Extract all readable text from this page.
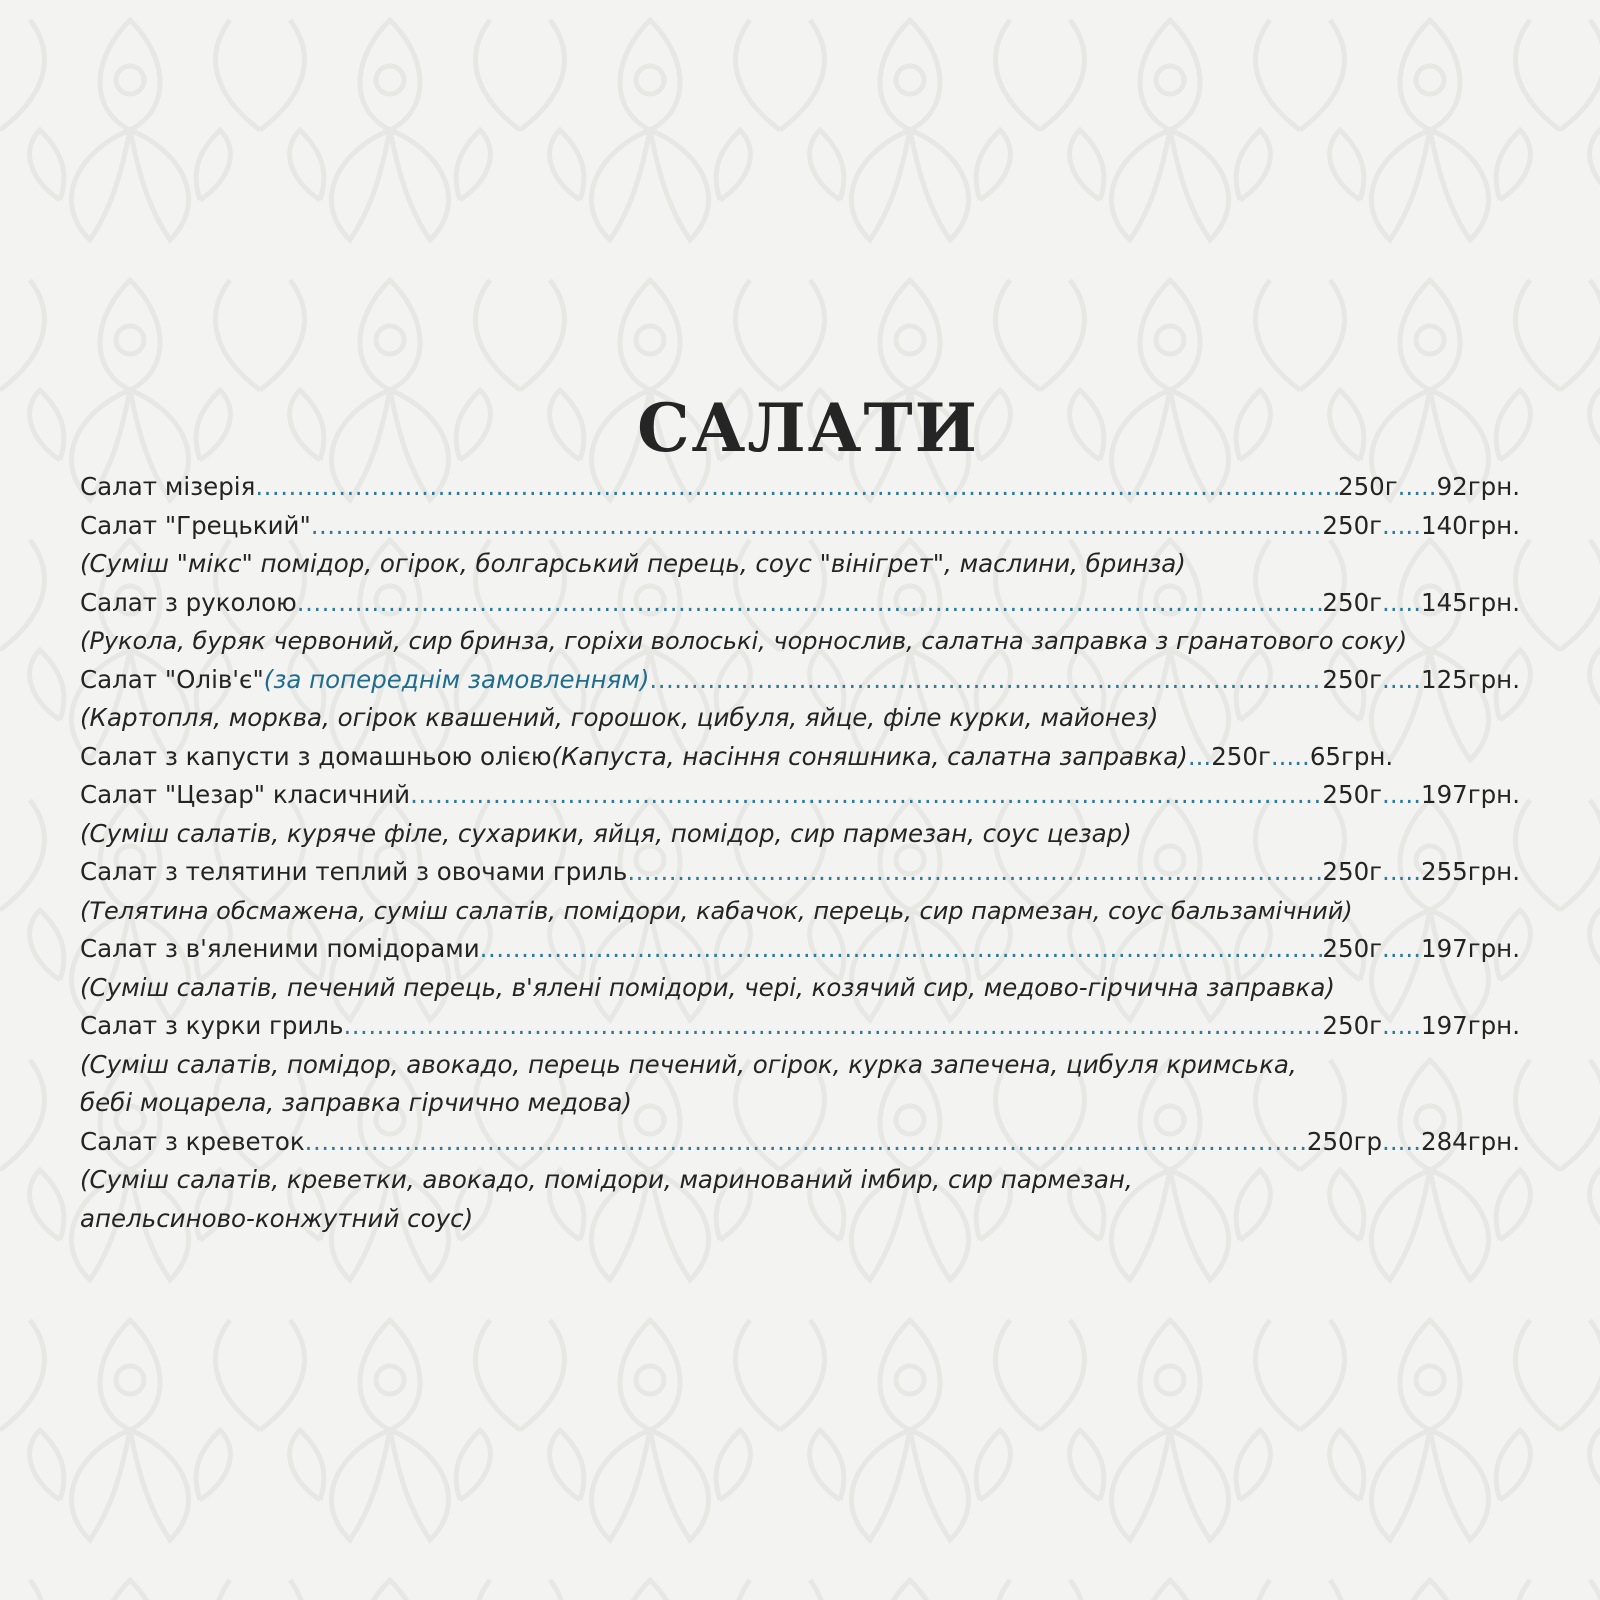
САЛАТИ
Салат мізерія .....	250г ..... 92грн.
Салат "Грецький" .....	250г ..... 140грн.
(Суміш "мікс" помідор, огірок, болгарський перець, соус "вінігрет", маслини, бринза)
Салат з руколою .....	250г ..... 145грн.
(Рукола, буряк червоний, сир бринза, горіхи волоські, чорнослив, салатна заправка з гранатового соку)
Салат "Олів'є" (за попереднім замовленням) .....	250г ..... 125грн.
(Картопля, морква, огірок квашений, горошок, цибуля, яйце, філе курки, майонез)
Салат з капусти з домашньою олією (Капуста, насіння соняшника, салатна заправка) ... 250г ..... 65грн.
Салат "Цезар" класичний .....	250г ..... 197грн.
(Суміш салатів, куряче філе, сухарики, яйця, помідор, сир пармезан, соус цезар)
Салат з телятини теплий з овочами гриль .....	250г ..... 255грн.
(Телятина обсмажена, суміш салатів, помідори, кабачок, перець, сир пармезан, соус бальзамічний)
Салат з в'яленими помідорами .....	250г ..... 197грн.
(Суміш салатів, печений перець, в'ялені помідори, чері, козячий сир, медово-гірчична заправка)
Салат з курки гриль .....	250г ..... 197грн.
(Суміш салатів, помідор, авокадо, перець печений, огірок, курка запечена, цибуля кримська,
бебі моцарела, заправка гірчично медова)
Салат з креветок .....	250гр ..... 284грн.
(Суміш салатів, креветки, авокадо, помідори, маринований імбир, сир пармезан,
апельсиново-конжутний соус)
